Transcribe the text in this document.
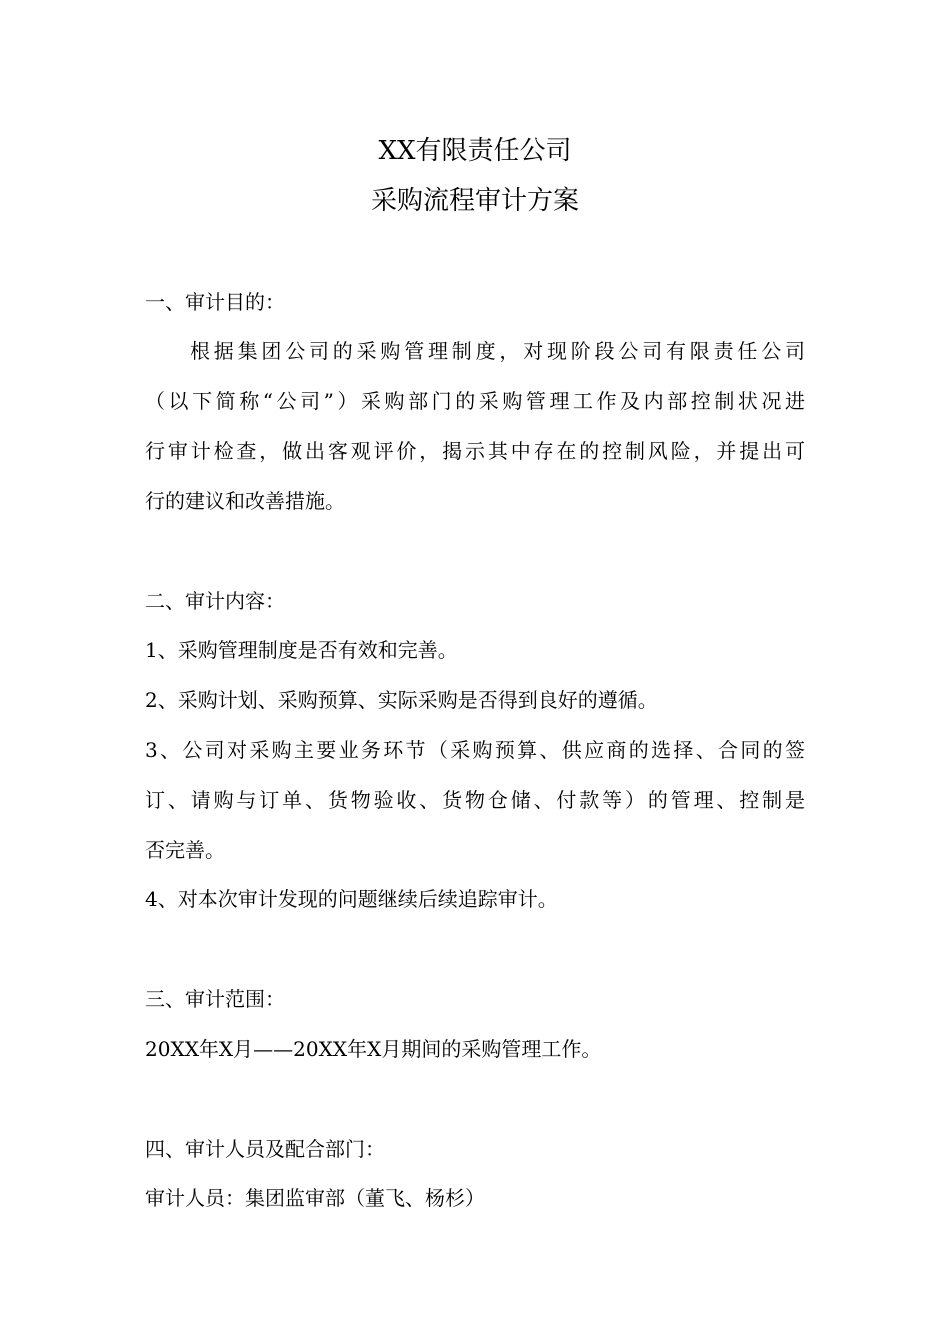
XX有限责任公司
采购流程审计方案
一、审计目的：
根据集团公司的采购管理制度，对现阶段公司有限责任公司
（以下简称“公司”）采购部门的采购管理工作及内部控制状况进
行审计检查，做出客观评价，揭示其中存在的控制风险，并提出可
行的建议和改善措施。
二、审计内容：
1、采购管理制度是否有效和完善。
2、采购计划、采购预算、实际采购是否得到良好的遵循。
3、公司对采购主要业务环节（采购预算、供应商的选择、合同的签
订、请购与订单、货物验收、货物仓储、付款等）的管理、控制是
否完善。
4、对本次审计发现的问题继续后续追踪审计。
三、审计范围：
20XX年X月——20XX年X月期间的采购管理工作。
四、审计人员及配合部门：
审计人员：集团监审部（董飞、杨杉）
